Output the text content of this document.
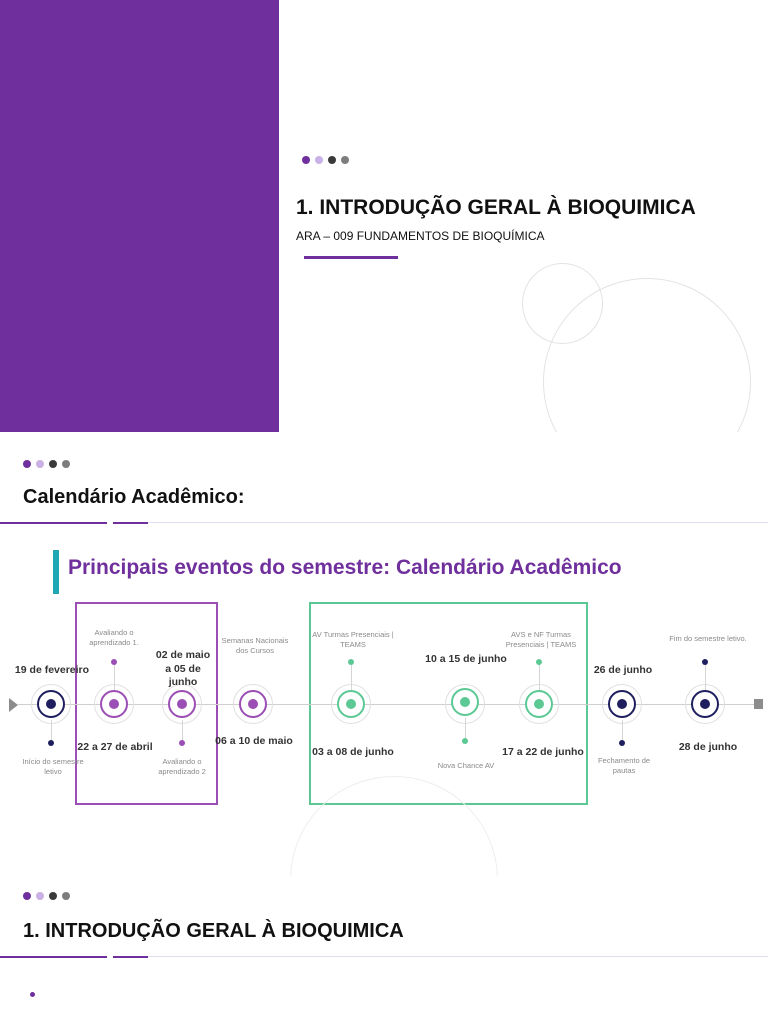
1. INTRODUÇÃO GERAL À BIOQUIMICA
ARA – 009 FUNDAMENTOS DE BIOQUÍMICA
Calendário Acadêmico:
Principais eventos do semestre: Calendário Acadêmico
19 de fevereiro
Início do semestre letivo
22 a 27 de abril
Avaliando o aprendizado 1.
02 de maio a 05 de junho
Avaliando o aprendizado 2
06 a 10 de maio
Semanas Nacionais dos Cursos
03 a 08 de junho
AV Turmas Presenciais | TEAMS
10 a 15 de junho
Nova Chance AV
17 a 22 de junho
AVS e NF Turmas Presenciais | TEAMS
26 de junho
Fechamento de pautas
28 de junho
Fim do semestre letivo.
1. INTRODUÇÃO GERAL À BIOQUIMICA
